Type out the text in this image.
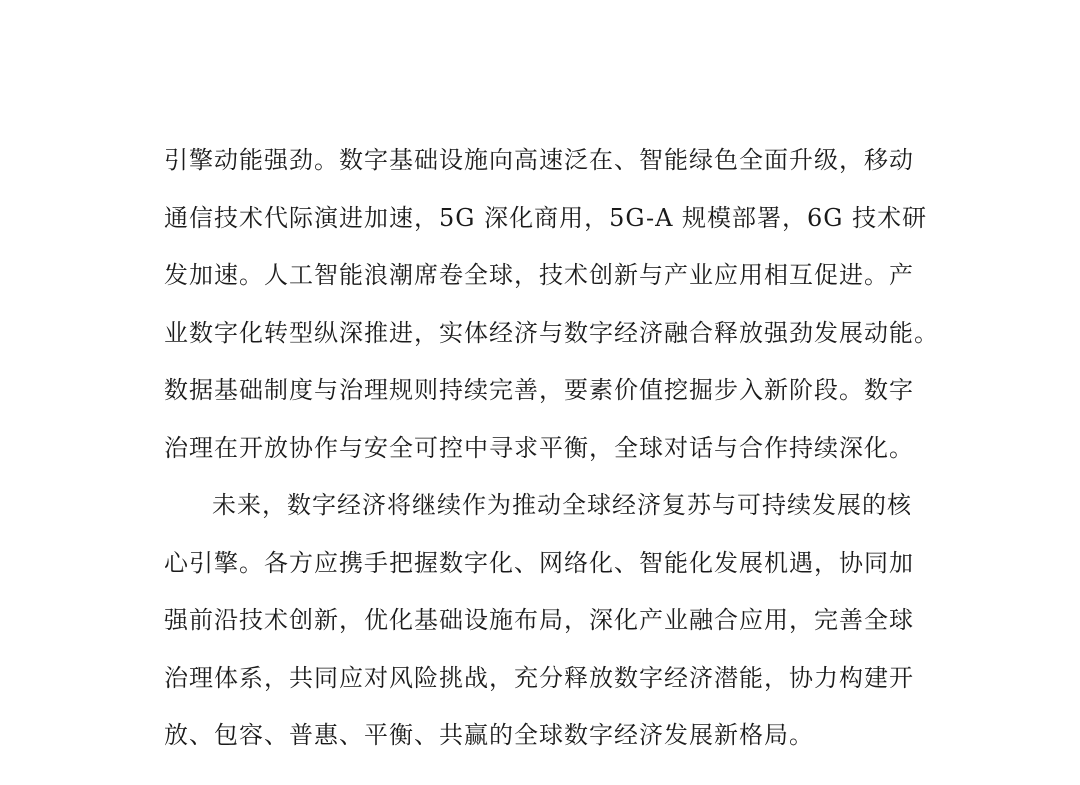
引擎动能强劲。数字基础设施向高速泛在、智能绿色全面升级，移动
通信技术代际演进加速，5G 深化商用，5G-A 规模部署，6G 技术研
发加速。人工智能浪潮席卷全球，技术创新与产业应用相互促进。产
业数字化转型纵深推进，实体经济与数字经济融合释放强劲发展动能。
数据基础制度与治理规则持续完善，要素价值挖掘步入新阶段。数字
治理在开放协作与安全可控中寻求平衡，全球对话与合作持续深化。
未来，数字经济将继续作为推动全球经济复苏与可持续发展的核
心引擎。各方应携手把握数字化、网络化、智能化发展机遇，协同加
强前沿技术创新，优化基础设施布局，深化产业融合应用，完善全球
治理体系，共同应对风险挑战，充分释放数字经济潜能，协力构建开
放、包容、普惠、平衡、共赢的全球数字经济发展新格局。
